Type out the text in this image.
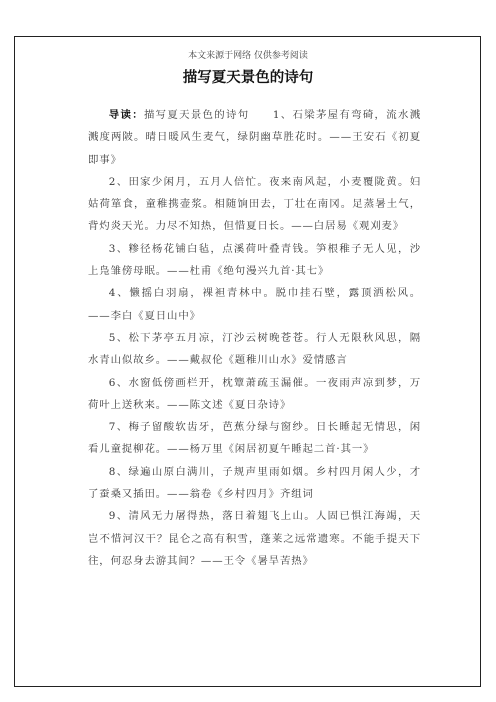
本文来源于网络 仅供参考阅读
描写夏天景色的诗句

导读：描写夏天景色的诗句　　1、石梁茅屋有弯碕，流水溅溅度两陂。晴日暖风生麦气，绿阴幽草胜花时。——王安石《初夏即事》

2、田家少闲月，五月人倍忙。夜来南风起，小麦覆陇黄。妇姑荷箪食，童稚携壶浆。相随饷田去，丁壮在南冈。足蒸暑土气，背灼炎天光。力尽不知热，但惜夏日长。——白居易《观刈麦》

3、糁径杨花铺白毡，点溪荷叶叠青钱。笋根稚子无人见，沙上凫雏傍母眠。——杜甫《绝句漫兴九首·其七》

4、懒摇白羽扇，裸袒青林中。脱巾挂石壁，露顶洒松风。——李白《夏日山中》

5、松下茅亭五月凉，汀沙云树晚苍苍。行人无限秋风思，隔水青山似故乡。——戴叔伦《题稚川山水》爱情感言

6、水窗低傍画栏开，枕簟萧疏玉漏催。一夜雨声凉到梦，万荷叶上送秋来。——陈文述《夏日杂诗》

7、梅子留酸软齿牙，芭蕉分绿与窗纱。日长睡起无情思，闲看儿童捉柳花。——杨万里《闲居初夏午睡起二首·其一》

8、绿遍山原白满川，子规声里雨如烟。乡村四月闲人少，才了蚕桑又插田。——翁卷《乡村四月》齐组词

9、清风无力屠得热，落日着翅飞上山。人固已惧江海竭，天岂不惜河汉干？昆仑之高有积雪，蓬莱之远常遗寒。不能手提天下往，何忍身去游其间？——王令《暑旱苦热》
